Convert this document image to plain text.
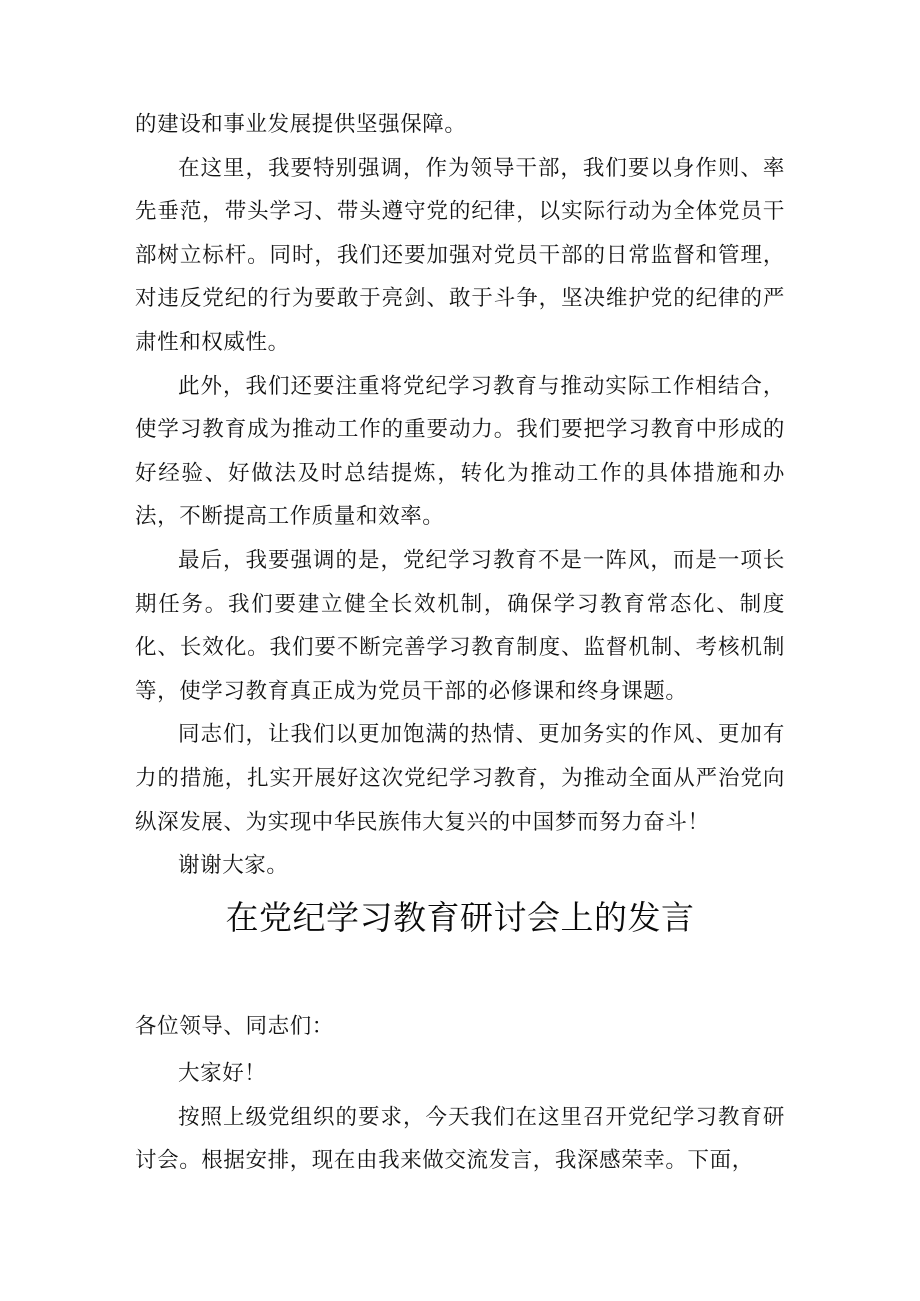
的建设和事业发展提供坚强保障。

在这里，我要特别强调，作为领导干部，我们要以身作则、率先垂范，带头学习、带头遵守党的纪律，以实际行动为全体党员干部树立标杆。同时，我们还要加强对党员干部的日常监督和管理，对违反党纪的行为要敢于亮剑、敢于斗争，坚决维护党的纪律的严肃性和权威性。

此外，我们还要注重将党纪学习教育与推动实际工作相结合，使学习教育成为推动工作的重要动力。我们要把学习教育中形成的好经验、好做法及时总结提炼，转化为推动工作的具体措施和办法，不断提高工作质量和效率。

最后，我要强调的是，党纪学习教育不是一阵风，而是一项长期任务。我们要建立健全长效机制，确保学习教育常态化、制度化、长效化。我们要不断完善学习教育制度、监督机制、考核机制等，使学习教育真正成为党员干部的必修课和终身课题。

同志们，让我们以更加饱满的热情、更加务实的作风、更加有力的措施，扎实开展好这次党纪学习教育，为推动全面从严治党向纵深发展、为实现中华民族伟大复兴的中国梦而努力奋斗！

谢谢大家。

在党纪学习教育研讨会上的发言

各位领导、同志们：

大家好！

按照上级党组织的要求，今天我们在这里召开党纪学习教育研讨会。根据安排，现在由我来做交流发言，我深感荣幸。下面，
